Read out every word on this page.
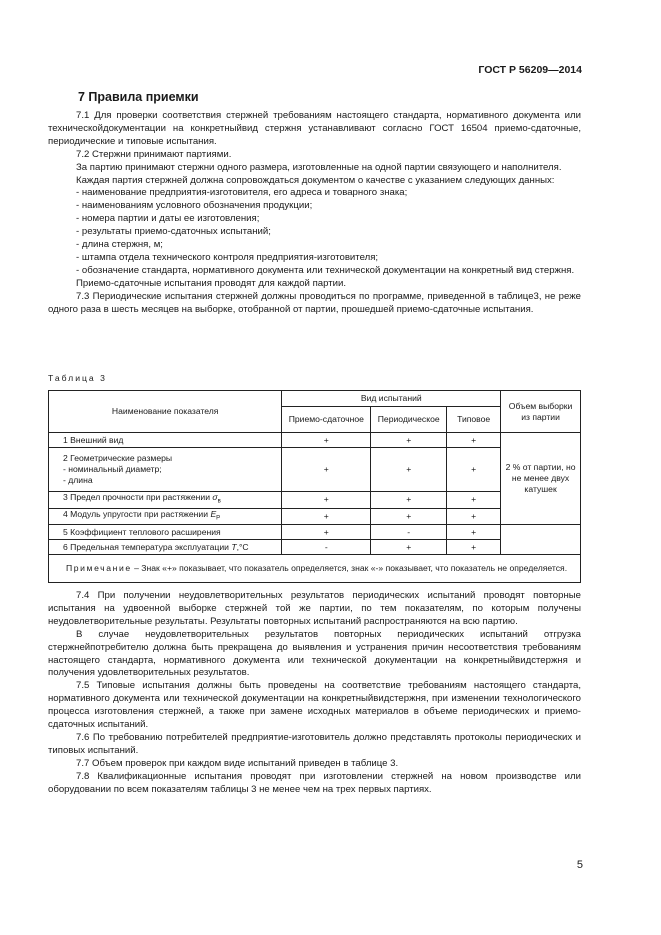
ГОСТ Р 56209—2014
7 Правила приемки

7.1 Для проверки соответствия стержней требованиям настоящего стандарта, нормативного документа или техническойдокументации на конкретныйвид стержня устанавливают согласно ГОСТ 16504 приемо-сдаточные, периодические и типовые испытания.

7.2 Стержни принимают партиями.

За партию принимают стержни одного размера, изготовленные на одной партии связующего и наполнителя.

Каждая партия стержней должна сопровождаться документом о качестве с указанием следующих данных:

- наименование предприятия-изготовителя, его адреса и товарного знака;

- наименованиям условного обозначения продукции;

- номера партии и даты ее изготовления;

- результаты приемо-сдаточных испытаний;

- длина стержня, м;

- штампа отдела технического контроля предприятия-изготовителя;

- обозначение стандарта, нормативного документа или технической документации на конкретный вид стержня.

Приемо-сдаточные испытания проводят для каждой партии.

7.3 Периодические испытания стержней должны проводиться по программе, приведенной в таблице3, не реже одного раза в шесть месяцев на выборке, отобранной от партии, прошедшей приемо-сдаточные испытания.

Таблица 3
Наименование показателя	Вид испытаний			Объем выборки из партии
	Приемо-сдаточное	Периодическое	Типовое	
1 Внешний вид	+	+	+	2 % от партии, но не менее двух катушек

2 Геометрические размеры
- номинальный диаметр;
- длина	+	+	+	
3 Предел прочности при растяжении $\sigma_в$	+	+	+	
4 Модуль упругости при растяжении $E_P$	+	+	+	
5 Коэффициент теплового расширения	+	-	+	
6 Предельная температура эксплуатации T,°C	-	+	+	
Примечание – Знак «+» показывает, что показатель определяется, знак «-» показывает, что показатель не определяется.				

7.4 При получении неудовлетворительных результатов периодических испытаний проводят повторные испытания на удвоенной выборке стержней той же партии, по тем показателям, по которым получены неудовлетворительные результаты. Результаты повторных испытаний распространяются на всю партию.

В случае неудовлетворительных результатов повторных периодических испытаний отгрузка стержнейпотребителю должна быть прекращена до выявления и устранения причин несоответствия требованиям настоящего стандарта, нормативного документа или технической документации на конкретныйвидстержня и получения удовлетворительных результатов.

7.5 Типовые испытания должны быть проведены на соответствие требованиям настоящего стандарта, нормативного документа или технической документации на конкретныйвидстержня, при изменении технологического процесса изготовления стержней, а также при замене исходных материалов в объеме периодических и приемо-сдаточных испытаний.

7.6 По требованию потребителей предприятие-изготовитель должно представлять протоколы периодических и типовых испытаний.

7.7 Объем проверок при каждом виде испытаний приведен в таблице 3.

7.8 Квалификационные испытания проводят при изготовлении стержней на новом производстве или оборудовании по всем показателям таблицы 3 не менее чем на трех первых партиях.

5
